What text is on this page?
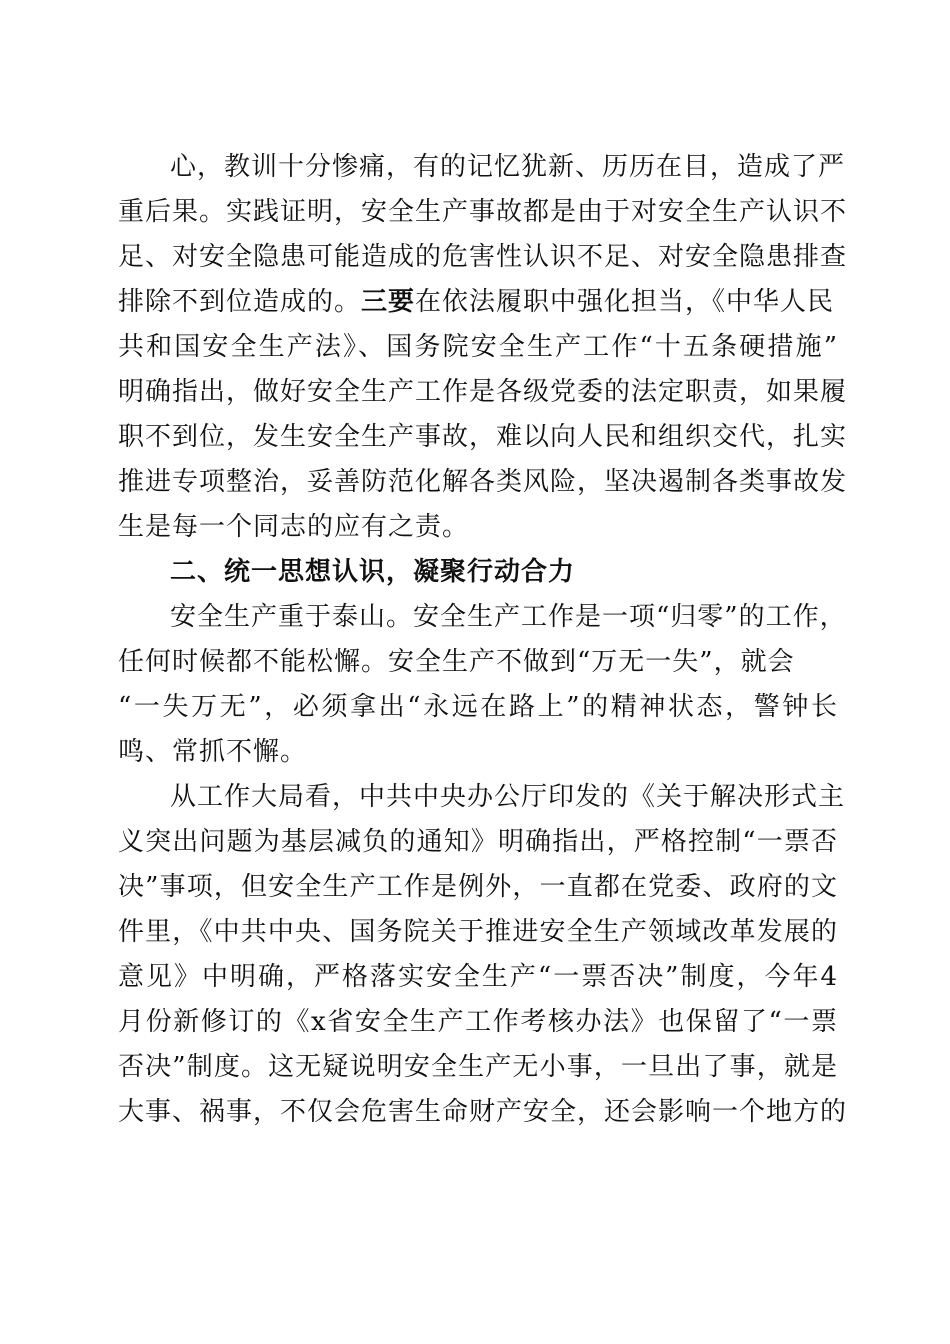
心，教训十分惨痛，有的记忆犹新、历历在目，造成了严
重后果。实践证明，安全生产事故都是由于对安全生产认识不
足、对安全隐患可能造成的危害性认识不足、对安全隐患排查
排除不到位造成的。三要在依法履职中强化担当，《中华人民
共和国安全生产法》、国务院安全生产工作“十五条硬措施”
明确指出，做好安全生产工作是各级党委的法定职责，如果履
职不到位，发生安全生产事故，难以向人民和组织交代，扎实
推进专项整治，妥善防范化解各类风险，坚决遏制各类事故发
生是每一个同志的应有之责。
二、统一思想认识，凝聚行动合力
安全生产重于泰山。安全生产工作是一项“归零”的工作，
任何时候都不能松懈。安全生产不做到“万无一失”，就会
“一失万无”，必须拿出“永远在路上”的精神状态，警钟长
鸣、常抓不懈。
从工作大局看，中共中央办公厅印发的《关于解决形式主
义突出问题为基层减负的通知》明确指出，严格控制“一票否
决”事项，但安全生产工作是例外，一直都在党委、政府的文
件里，《中共中央、国务院关于推进安全生产领域改革发展的
意见》中明确，严格落实安全生产“一票否决”制度，今年4
月份新修订的《x省安全生产工作考核办法》也保留了“一票
否决”制度。这无疑说明安全生产无小事，一旦出了事，就是
大事、祸事，不仅会危害生命财产安全，还会影响一个地方的
